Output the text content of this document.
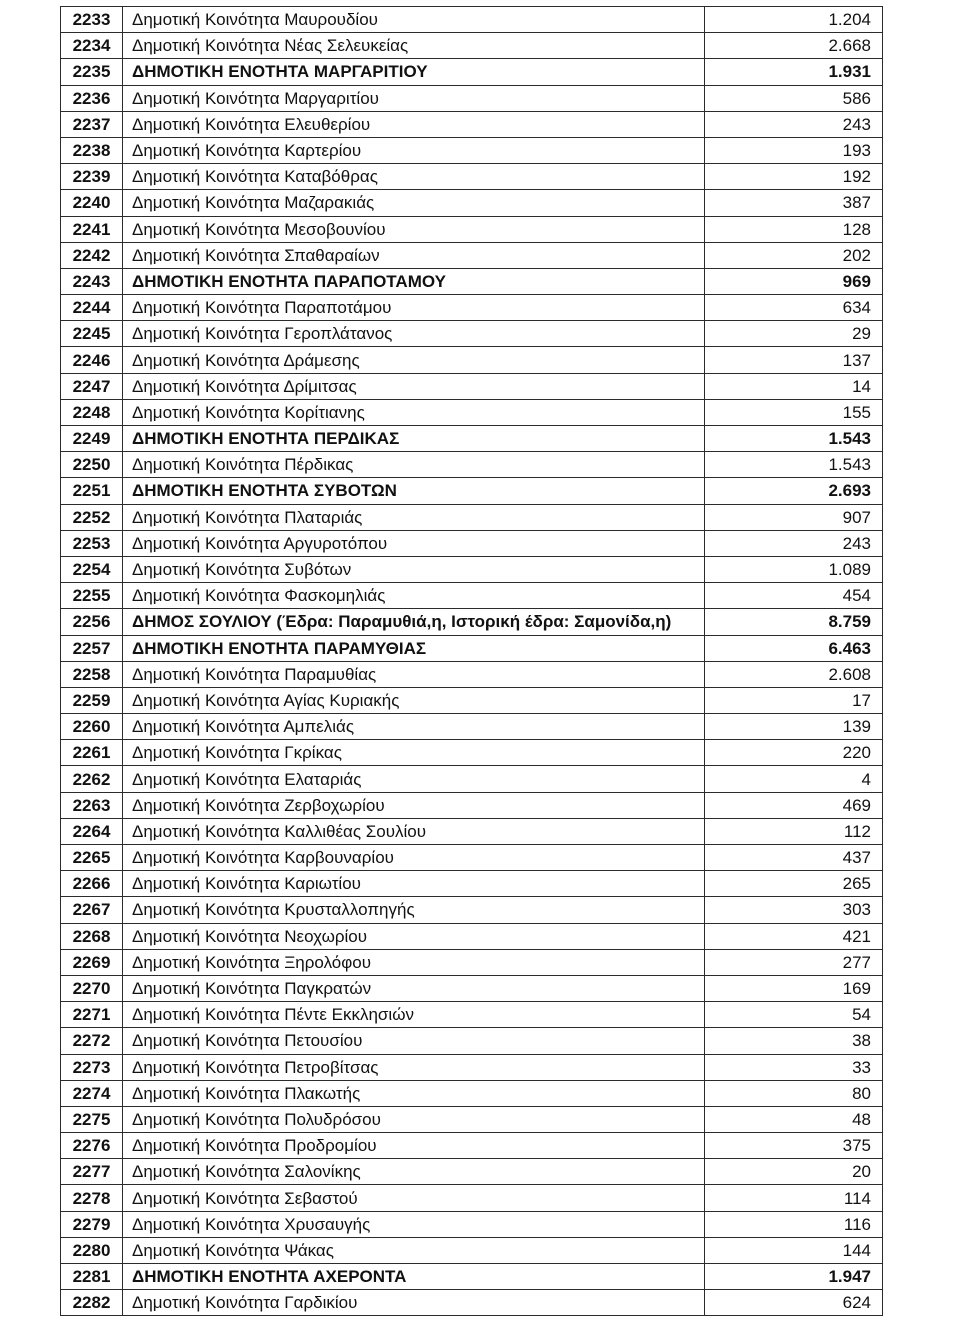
2233	Δημοτική Κοινότητα Μαυρουδίου	1.204
2234	Δημοτική Κοινότητα Νέας Σελευκείας	2.668
2235	ΔΗΜΟΤΙΚΗ ΕΝΟΤΗΤΑ ΜΑΡΓΑΡΙΤΙΟΥ	1.931
2236	Δημοτική Κοινότητα Μαργαριτίου	586
2237	Δημοτική Κοινότητα Ελευθερίου	243
2238	Δημοτική Κοινότητα Καρτερίου	193
2239	Δημοτική Κοινότητα Καταβόθρας	192
2240	Δημοτική Κοινότητα Μαζαρακιάς	387
2241	Δημοτική Κοινότητα Μεσοβουνίου	128
2242	Δημοτική Κοινότητα Σπαθαραίων	202
2243	ΔΗΜΟΤΙΚΗ ΕΝΟΤΗΤΑ ΠΑΡΑΠΟΤΑΜΟΥ	969
2244	Δημοτική Κοινότητα Παραποτάμου	634
2245	Δημοτική Κοινότητα Γεροπλάτανος	29
2246	Δημοτική Κοινότητα Δράμεσης	137
2247	Δημοτική Κοινότητα Δρίμιτσας	14
2248	Δημοτική Κοινότητα Κορίτιανης	155
2249	ΔΗΜΟΤΙΚΗ ΕΝΟΤΗΤΑ ΠΕΡΔΙΚΑΣ	1.543
2250	Δημοτική Κοινότητα Πέρδικας	1.543
2251	ΔΗΜΟΤΙΚΗ ΕΝΟΤΗΤΑ ΣΥΒΟΤΩΝ	2.693
2252	Δημοτική Κοινότητα Πλαταριάς	907
2253	Δημοτική Κοινότητα Αργυροτόπου	243
2254	Δημοτική Κοινότητα Συβότων	1.089
2255	Δημοτική Κοινότητα Φασκομηλιάς	454
2256	ΔΗΜΟΣ ΣΟΥΛΙΟΥ (Έδρα: Παραμυθιά,η, Ιστορική έδρα: Σαμονίδα,η)	8.759
2257	ΔΗΜΟΤΙΚΗ ΕΝΟΤΗΤΑ ΠΑΡΑΜΥΘΙΑΣ	6.463
2258	Δημοτική Κοινότητα Παραμυθίας	2.608
2259	Δημοτική Κοινότητα Αγίας Κυριακής	17
2260	Δημοτική Κοινότητα Αμπελιάς	139
2261	Δημοτική Κοινότητα Γκρίκας	220
2262	Δημοτική Κοινότητα Ελαταριάς	4
2263	Δημοτική Κοινότητα Ζερβοχωρίου	469
2264	Δημοτική Κοινότητα Καλλιθέας Σουλίου	112
2265	Δημοτική Κοινότητα Καρβουναρίου	437
2266	Δημοτική Κοινότητα Καριωτίου	265
2267	Δημοτική Κοινότητα Κρυσταλλοπηγής	303
2268	Δημοτική Κοινότητα Νεοχωρίου	421
2269	Δημοτική Κοινότητα Ξηρολόφου	277
2270	Δημοτική Κοινότητα Παγκρατών	169
2271	Δημοτική Κοινότητα Πέντε Εκκλησιών	54
2272	Δημοτική Κοινότητα Πετουσίου	38
2273	Δημοτική Κοινότητα Πετροβίτσας	33
2274	Δημοτική Κοινότητα Πλακωτής	80
2275	Δημοτική Κοινότητα Πολυδρόσου	48
2276	Δημοτική Κοινότητα Προδρομίου	375
2277	Δημοτική Κοινότητα Σαλονίκης	20
2278	Δημοτική Κοινότητα Σεβαστού	114
2279	Δημοτική Κοινότητα Χρυσαυγής	116
2280	Δημοτική Κοινότητα Ψάκας	144
2281	ΔΗΜΟΤΙΚΗ ΕΝΟΤΗΤΑ ΑΧΕΡΟΝΤΑ	1.947
2282	Δημοτική Κοινότητα Γαρδικίου	624
